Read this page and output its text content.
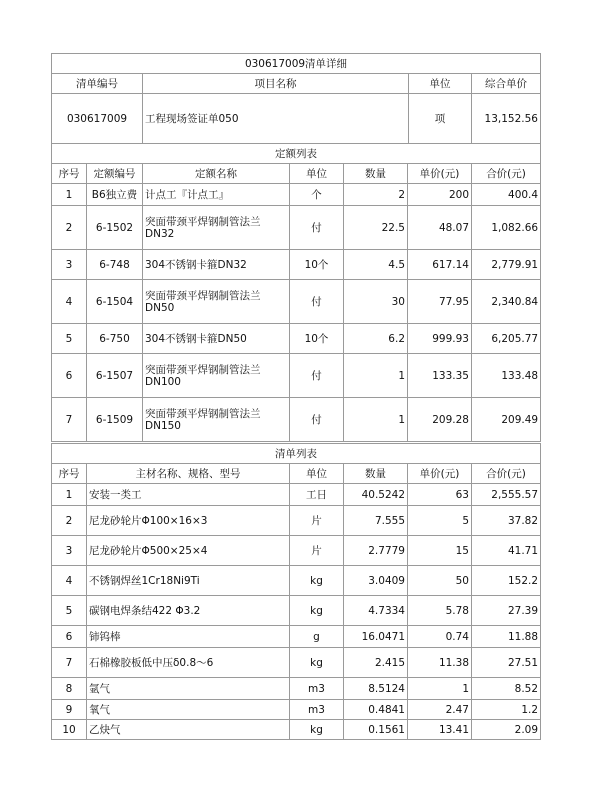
030617009清单详细			
清单编号	项目名称	单位	综合单价
030617009	工程现场签证单050	项	13,152.56
定额列表						
序号	定额编号	定额名称	单位	数量	单价(元)	合价(元)
1	B6独立费	计点工『计点工』	个	2	200	400.4
2	6-1502	突面带颈平焊钢制管法兰DN32	付	22.5	48.07	1,082.66
3	6-748	304不锈钢卡箍DN32	10个	4.5	617.14	2,779.91
4	6-1504	突面带颈平焊钢制管法兰DN50	付	30	77.95	2,340.84
5	6-750	304不锈钢卡箍DN50	10个	6.2	999.93	6,205.77
6	6-1507	突面带颈平焊钢制管法兰DN100	付	1	133.35	133.48
7	6-1509	突面带颈平焊钢制管法兰DN150	付	1	209.28	209.49
清单列表					
序号	主材名称、规格、型号	单位	数量	单价(元)	合价(元)
1	安装一类工	工日	40.5242	63	2,555.57
2	尼龙砂轮片Φ100×16×3	片	7.555	5	37.82
3	尼龙砂轮片Φ500×25×4	片	2.7779	15	41.71
4	不锈钢焊丝1Cr18Ni9Ti	kg	3.0409	50	152.2
5	碳钢电焊条结422 Φ3.2	kg	4.7334	5.78	27.39
6	铈钨棒	g	16.0471	0.74	11.88
7	石棉橡胶板低中压δ0.8～6	kg	2.415	11.38	27.51
8	氩气	m3	8.5124	1	8.52
9	氧气	m3	0.4841	2.47	1.2
10	乙炔气	kg	0.1561	13.41	2.09
